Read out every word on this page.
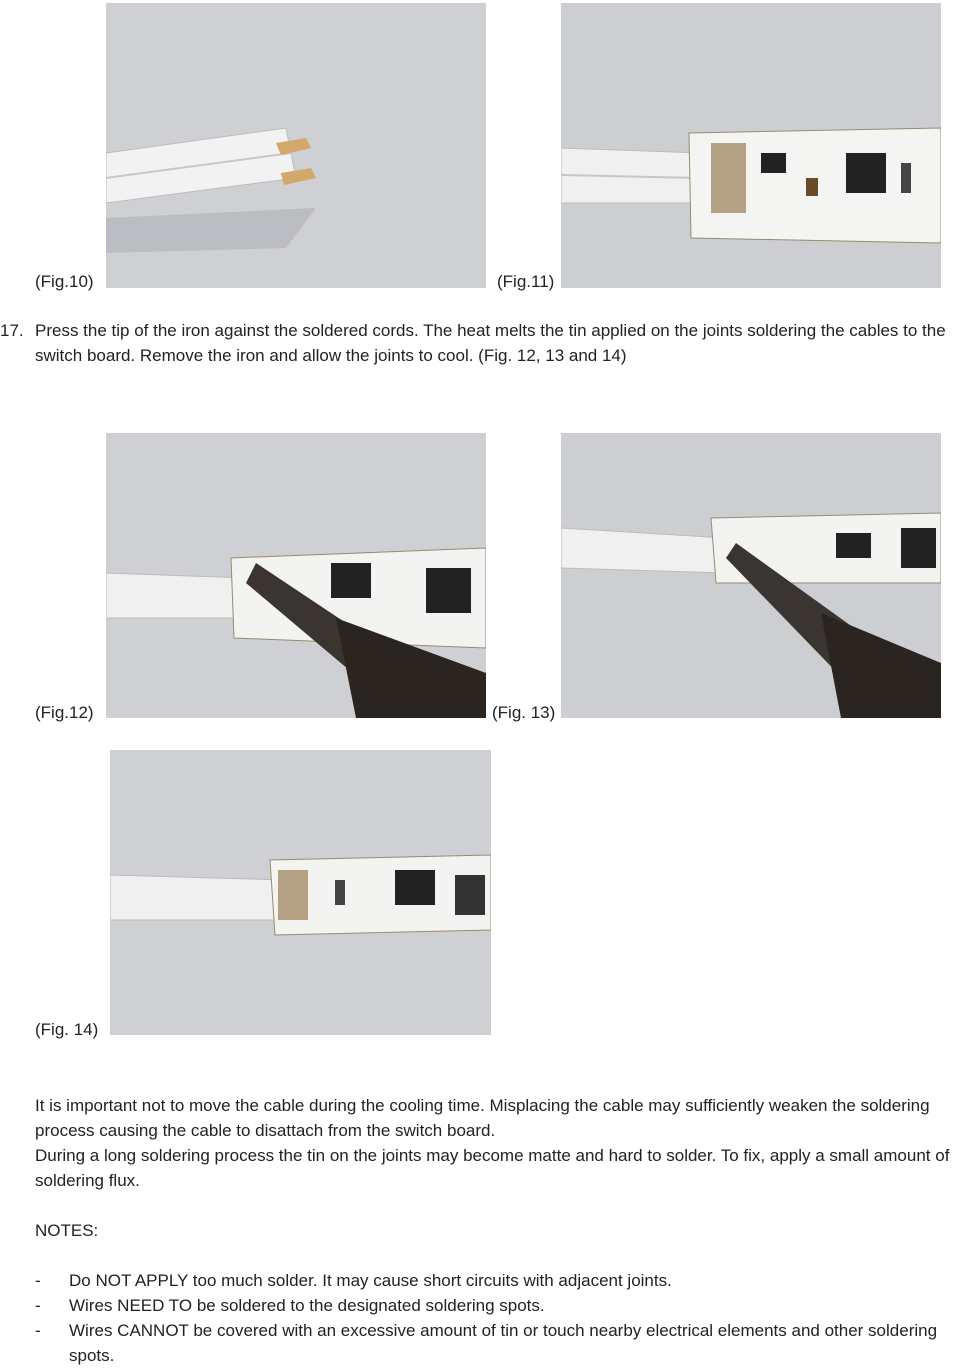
(Fig.10)	(Fig.11)
17. Press the tip of the iron against the soldered cords. The heat melts the tin applied on the joints soldering the cables to the switch board. Remove the iron and allow the joints to cool. (Fig. 12, 13 and 14)
(Fig.12)	(Fig. 13)
(Fig. 14)
It is important not to move the cable during the cooling time. Misplacing the cable may sufficiently weaken the soldering process causing the cable to disattach from the switch board.
During a long soldering process the tin on the joints may become matte and hard to solder. To fix, apply a small amount of soldering flux.
NOTES:
- Do NOT APPLY too much solder. It may cause short circuits with adjacent joints.
- Wires NEED TO be soldered to the designated soldering spots.
- Wires CANNOT be covered with an excessive amount of tin or touch nearby electrical elements and other soldering spots.
